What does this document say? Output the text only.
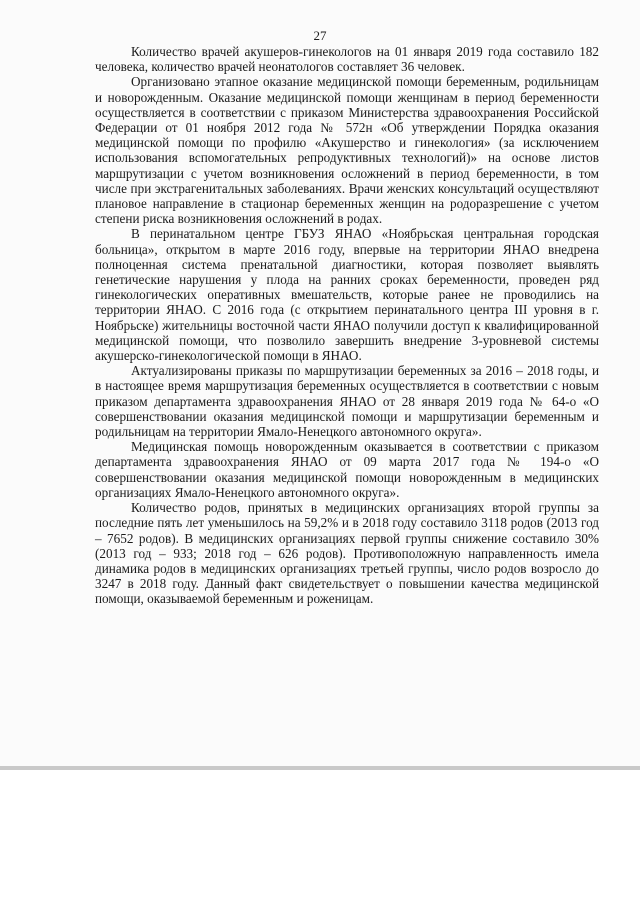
27

Количество врачей акушеров-гинекологов на 01 января 2019 года составило 182 человека, количество врачей неонатологов составляет 36 человек.

Организовано этапное оказание медицинской помощи беременным, родильницам и новорожденным. Оказание медицинской помощи женщинам в период беременности осуществляется в соответствии с приказом Министерства здравоохранения Российской Федерации от 01 ноября 2012 года № 572н «Об утверждении Порядка оказания медицинской помощи по профилю «Акушерство и гинекология» (за исключением использования вспомогательных репродуктивных технологий)» на основе листов маршрутизации с учетом возникновения осложнений в период беременности, в том числе при экстрагенитальных заболеваниях. Врачи женских консультаций осуществляют плановое направление в стационар беременных женщин на родоразрешение с учетом степени риска возникновения осложнений в родах.

В перинатальном центре ГБУЗ ЯНАО «Ноябрьская центральная городская больница», открытом в марте 2016 году, впервые на территории ЯНАО внедрена полноценная система пренатальной диагностики, которая позволяет выявлять генетические нарушения у плода на ранних сроках беременности, проведен ряд гинекологических оперативных вмешательств, которые ранее не проводились на территории ЯНАО. С 2016 года (с открытием перинатального центра III уровня в г. Ноябрьске) жительницы восточной части ЯНАО получили доступ к квалифицированной медицинской помощи, что позволило завершить внедрение 3-уровневой системы акушерско-гинекологической помощи в ЯНАО.

Актуализированы приказы по маршрутизации беременных за 2016 – 2018 годы, и в настоящее время маршрутизация беременных осуществляется в соответствии с новым приказом департамента здравоохранения ЯНАО от 28 января 2019 года № 64-о «О совершенствовании оказания медицинской помощи и маршрутизации беременным и родильницам на территории Ямало-Ненецкого автономного округа».

Медицинская помощь новорожденным оказывается в соответствии с приказом департамента здравоохранения ЯНАО от 09 марта 2017 года № 194-о «О совершенствовании оказания медицинской помощи новорожденным в медицинских организациях Ямало-Ненецкого автономного округа».

Количество родов, принятых в медицинских организациях второй группы за последние пять лет уменьшилось на 59,2% и в 2018 году составило 3118 родов (2013 год – 7652 родов). В медицинских организациях первой группы снижение составило 30% (2013 год – 933; 2018 год – 626 родов). Противоположную направленность имела динамика родов в медицинских организациях третьей группы, число родов возросло до 3247 в 2018 году. Данный факт свидетельствует о повышении качества медицинской помощи, оказываемой беременным и роженицам.
